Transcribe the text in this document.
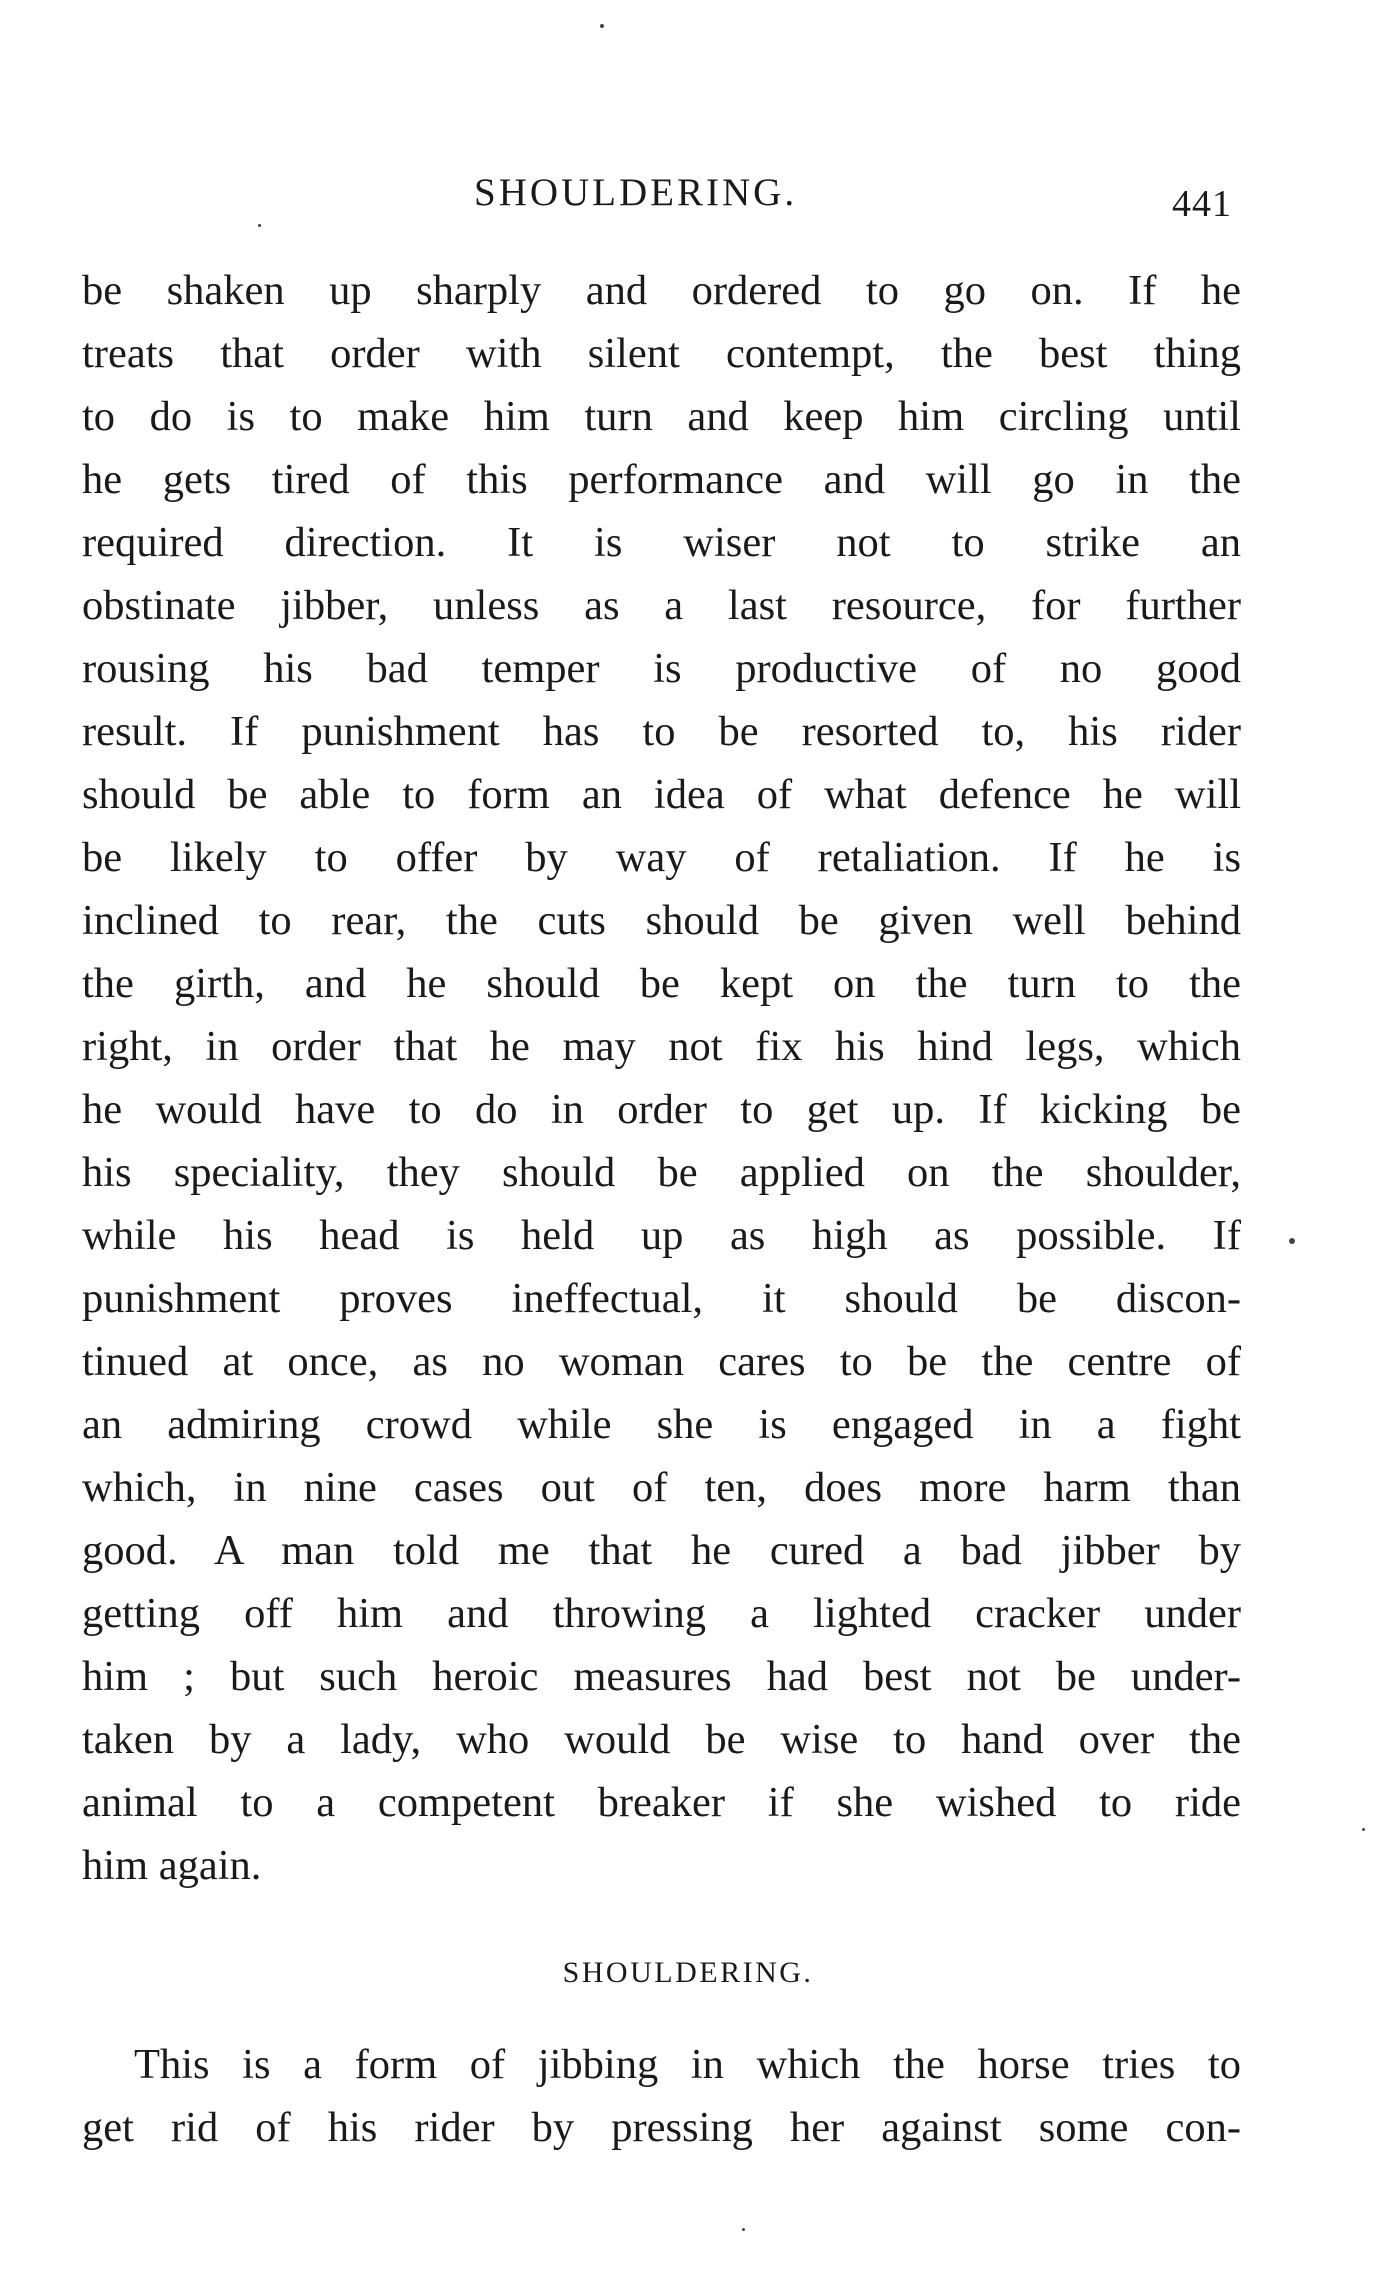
SHOULDERING.	441
be shaken up sharply and ordered to go on. If he
treats that order with silent contempt, the best thing
to do is to make him turn and keep him circling until
he gets tired of this performance and will go in the
required direction. It is wiser not to strike an
obstinate jibber, unless as a last resource, for further
rousing his bad temper is productive of no good
result. If punishment has to be resorted to, his rider
should be able to form an idea of what defence he will
be likely to offer by way of retaliation. If he is
inclined to rear, the cuts should be given well behind
the girth, and he should be kept on the turn to the
right, in order that he may not fix his hind legs, which
he would have to do in order to get up. If kicking be
his speciality, they should be applied on the shoulder,
while his head is held up as high as possible. If
punishment proves ineffectual, it should be discon-
tinued at once, as no woman cares to be the centre of
an admiring crowd while she is engaged in a fight
which, in nine cases out of ten, does more harm than
good. A man told me that he cured a bad jibber by
getting off him and throwing a lighted cracker under
him ; but such heroic measures had best not be under-
taken by a lady, who would be wise to hand over the
animal to a competent breaker if she wished to ride
him again.
SHOULDERING.
This is a form of jibbing in which the horse tries to
get rid of his rider by pressing her against some con-
